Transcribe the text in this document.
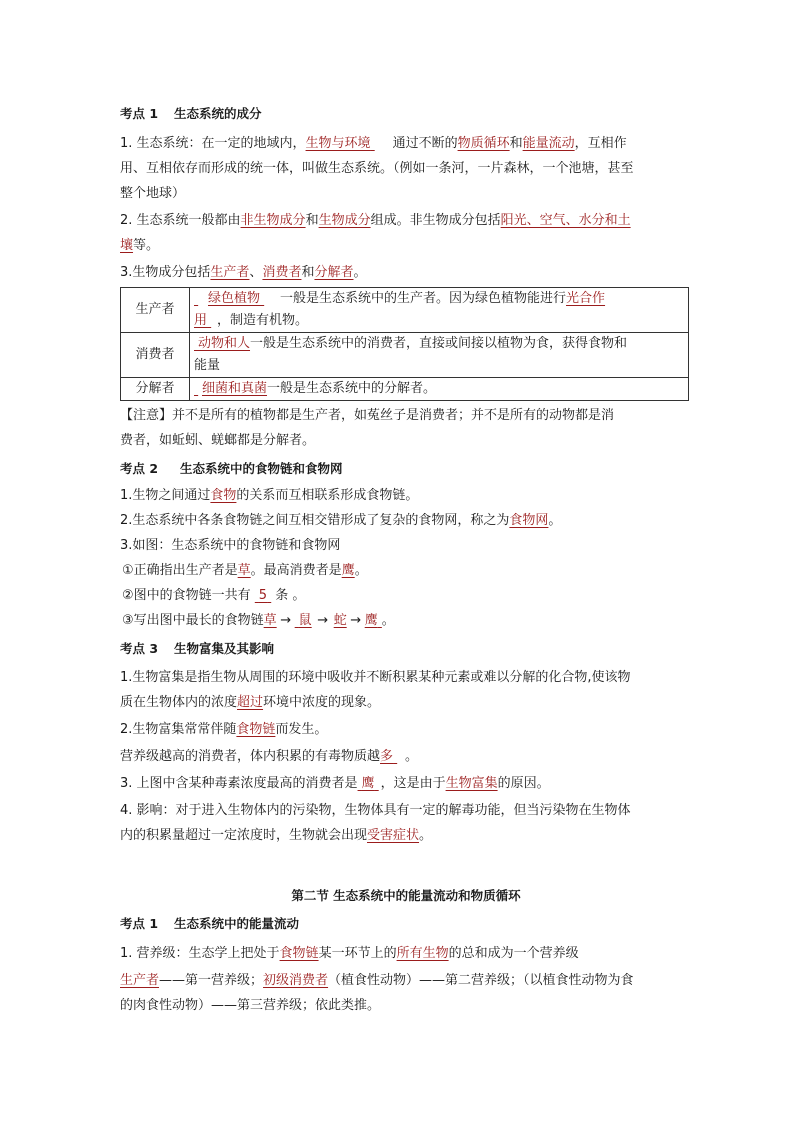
考点 1 生态系统的成分
1. 生态系统：在一定的地域内，生物与环境 通过不断的物质循环和能量流动，互相作
用、互相依存而形成的统一体，叫做生态系统。（例如一条河，一片森林，一个池塘，甚至
整个地球）
2. 生态系统一般都由非生物成分和生物成分组成。非生物成分包括阳光、空气、水分和土
壤等。
3.生物成分包括生产者、消费者和分解者。
生产者	绿色植物 一般是生态系统中的生产者。因为绿色植物能进行光合作
用 ，制造有机物。
消费者	动物和人一般是生态系统中的消费者，直接或间接以植物为食，获得食物和
能量
分解者	细菌和真菌一般是生态系统中的分解者。
【注意】并不是所有的植物都是生产者，如菟丝子是消费者；并不是所有的动物都是消
费者，如蚯蚓、蜣螂都是分解者。
考点 2 生态系统中的食物链和食物网
1.生物之间通过食物的关系而互相联系形成食物链。
2.生态系统中各条食物链之间互相交错形成了复杂的食物网，称之为食物网。
3.如图：生态系统中的食物链和食物网
①正确指出生产者是草。最高消费者是鹰。
②图中的食物链一共有 5 条 。
③写出图中最长的食物链草 → 鼠 → 蛇 → 鹰 。
考点 3 生物富集及其影响
1.生物富集是指生物从周围的环境中吸收并不断积累某种元素或难以分解的化合物,使该物
质在生物体内的浓度超过环境中浓度的现象。
2.生物富集常常伴随食物链而发生。
营养级越高的消费者，体内积累的有毒物质越多 。
3. 上图中含某种毒素浓度最高的消费者是 鹰 ，这是由于生物富集的原因。
4. 影响：对于进入生物体内的污染物，生物体具有一定的解毒功能，但当污染物在生物体
内的积累量超过一定浓度时，生物就会出现受害症状。
第二节 生态系统中的能量流动和物质循环
考点 1 生态系统中的能量流动
1. 营养级：生态学上把处于食物链某一环节上的所有生物的总和成为一个营养级
生产者——第一营养级；初级消费者（植食性动物）——第二营养级；（以植食性动物为食
的肉食性动物）——第三营养级；依此类推。
